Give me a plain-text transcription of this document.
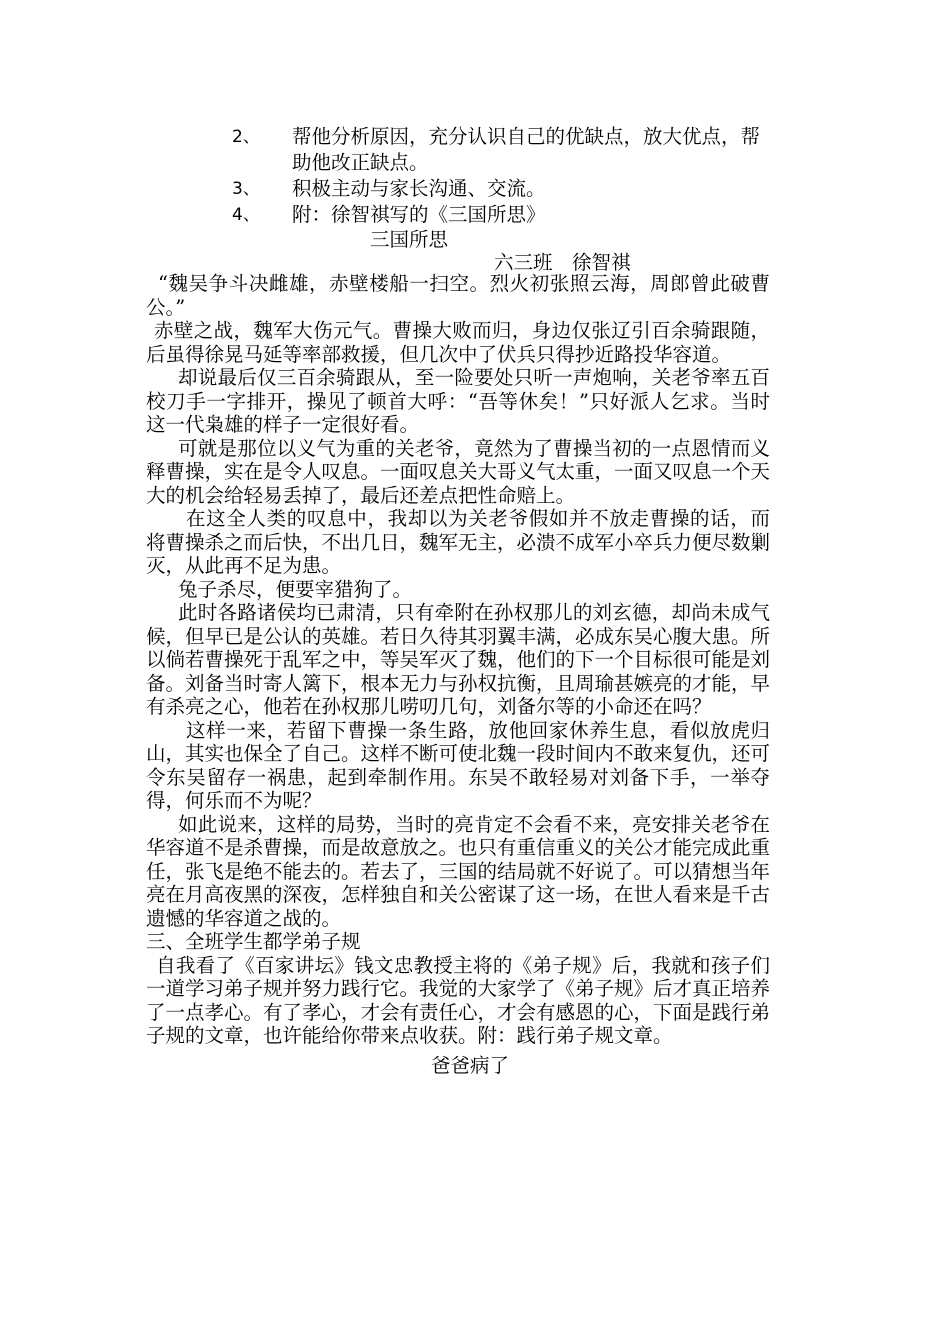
2、	帮他分析原因，充分认识自己的优缺点，放大优点，帮助他改正缺点。
3、	积极主动与家长沟通、交流。
4、	附：徐智祺写的《三国所思》
三国所思
六三班　徐智祺

“魏吴争斗决雌雄，赤壁楼船一扫空。烈火初张照云海，周郎曾此破曹公。”

赤壁之战，魏军大伤元气。曹操大败而归，身边仅张辽引百余骑跟随，后虽得徐晃马延等率部救援，但几次中了伏兵只得抄近路投华容道。

却说最后仅三百余骑跟从，至一险要处只听一声炮响，关老爷率五百校刀手一字排开，操见了顿首大呼：“吾等休矣！”只好派人乞求。当时这一代枭雄的样子一定很好看。

可就是那位以义气为重的关老爷，竟然为了曹操当初的一点恩情而义释曹操，实在是令人叹息。一面叹息关大哥义气太重，一面又叹息一个天大的机会给轻易丢掉了，最后还差点把性命赔上。

在这全人类的叹息中，我却以为关老爷假如并不放走曹操的话，而将曹操杀之而后快，不出几日，魏军无主，必溃不成军小卒兵力便尽数剿灭，从此再不足为患。

兔子杀尽，便要宰猎狗了。

此时各路诸侯均已肃清，只有牵附在孙权那儿的刘玄德，却尚未成气候，但早已是公认的英雄。若日久待其羽翼丰满，必成东吴心腹大患。所以倘若曹操死于乱军之中，等吴军灭了魏，他们的下一个目标很可能是刘备。刘备当时寄人篱下，根本无力与孙权抗衡，且周瑜甚嫉亮的才能，早有杀亮之心，他若在孙权那儿唠叨几句，刘备尔等的小命还在吗？

这样一来，若留下曹操一条生路，放他回家休养生息，看似放虎归山，其实也保全了自己。这样不断可使北魏一段时间内不敢来复仇，还可令东吴留存一祸患，起到牵制作用。东吴不敢轻易对刘备下手，一举夺得，何乐而不为呢？

如此说来，这样的局势，当时的亮肯定不会看不来，亮安排关老爷在华容道不是杀曹操，而是故意放之。也只有重信重义的关公才能完成此重任，张飞是绝不能去的。若去了，三国的结局就不好说了。可以猜想当年亮在月高夜黑的深夜，怎样独自和关公密谋了这一场，在世人看来是千古遗憾的华容道之战的。

三、全班学生都学弟子规

自我看了《百家讲坛》钱文忠教授主将的《弟子规》后，我就和孩子们一道学习弟子规并努力践行它。我觉的大家学了《弟子规》后才真正培养了一点孝心。有了孝心，才会有责任心，才会有感恩的心，下面是践行弟子规的文章，也许能给你带来点收获。附：践行弟子规文章。

爸爸病了
